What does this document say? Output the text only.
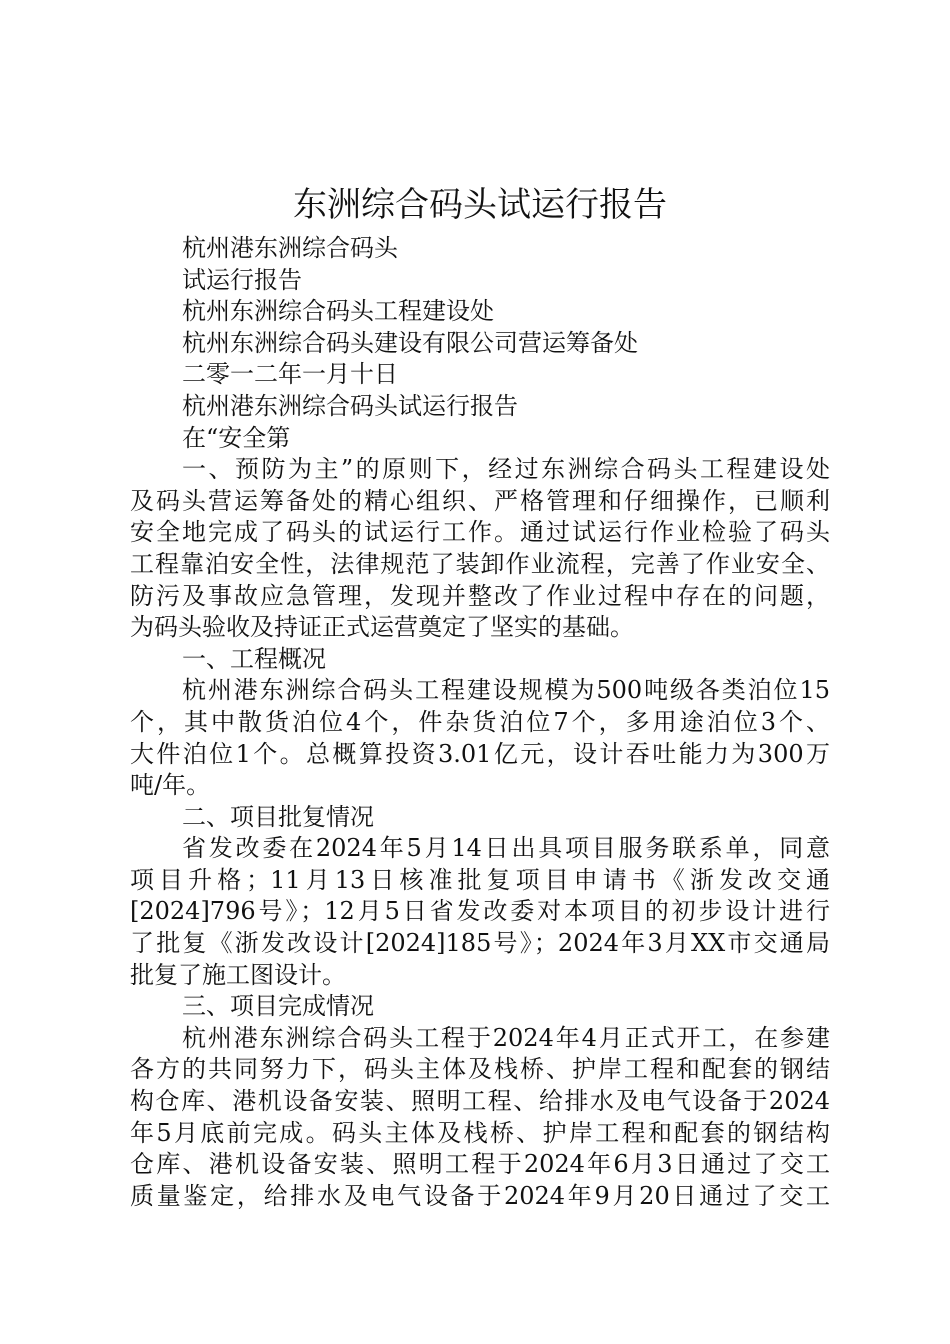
东洲综合码头试运行报告
杭州港东洲综合码头
试运行报告
杭州东洲综合码头工程建设处
杭州东洲综合码头建设有限公司营运筹备处
二零一二年一月十日
杭州港东洲综合码头试运行报告
在“安全第
一、预防为主”的原则下，经过东洲综合码头工程建设处
及码头营运筹备处的精心组织、严格管理和仔细操作，已顺利
安全地完成了码头的试运行工作。通过试运行作业检验了码头
工程靠泊安全性，法律规范了装卸作业流程，完善了作业安全、
防污及事故应急管理，发现并整改了作业过程中存在的问题，
为码头验收及持证正式运营奠定了坚实的基础。
一、工程概况
杭州港东洲综合码头工程建设规模为500吨级各类泊位15
个，其中散货泊位4个，件杂货泊位7个，多用途泊位3个、
大件泊位1个。总概算投资3.01亿元，设计吞吐能力为300万
吨/年。
二、项目批复情况
省发改委在2024年5月14日出具项目服务联系单，同意
项目升格；11月13日核准批复项目申请书《浙发改交通
[2024]796号》；12月5日省发改委对本项目的初步设计进行
了批复《浙发改设计[2024]185号》；2024年3月XX市交通局
批复了施工图设计。
三、项目完成情况
杭州港东洲综合码头工程于2024年4月正式开工，在参建
各方的共同努力下，码头主体及栈桥、护岸工程和配套的钢结
构仓库、港机设备安装、照明工程、给排水及电气设备于2024
年5月底前完成。码头主体及栈桥、护岸工程和配套的钢结构
仓库、港机设备安装、照明工程于2024年6月3日通过了交工
质量鉴定，给排水及电气设备于2024年9月20日通过了交工
